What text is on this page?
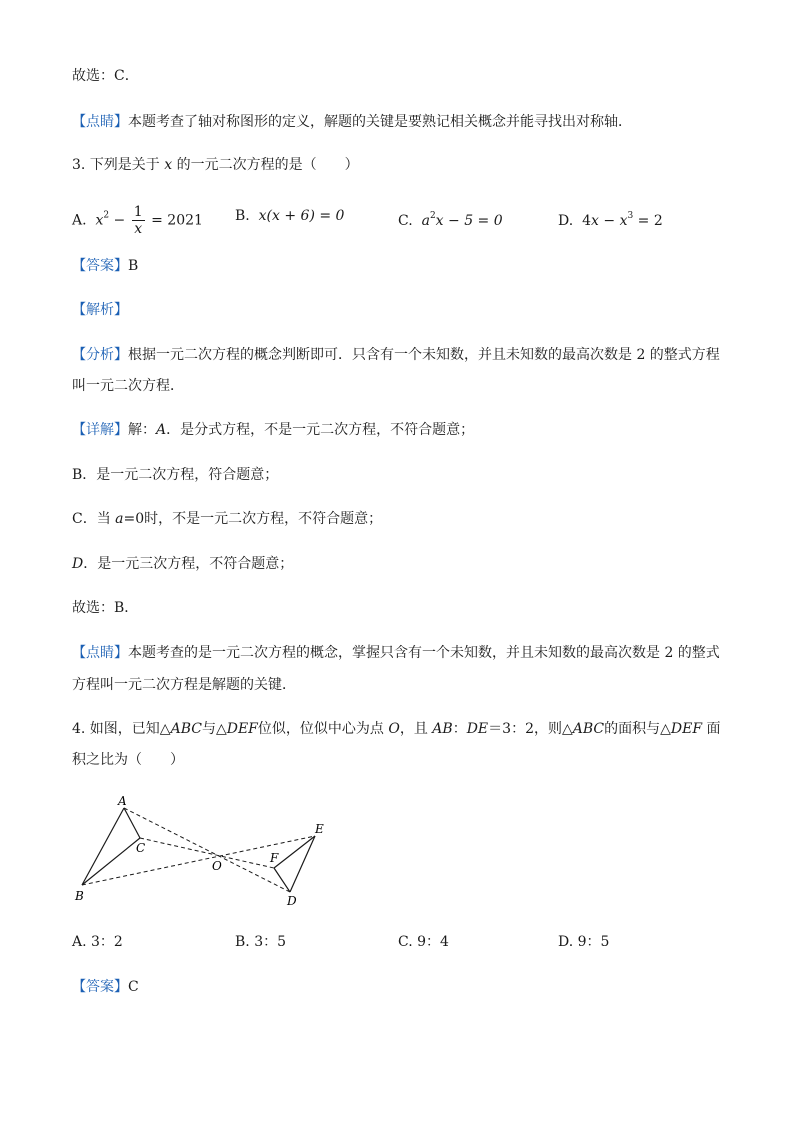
故选：C．
【点睛】本题考查了轴对称图形的定义，解题的关键是要熟记相关概念并能寻找出对称轴．
3. 下列是关于 x 的一元二次方程的是（　　）
A. $x^2 - \frac{1}{x} = 2021$ B. x(x + 6) = 0	C. $a^2x - 5 = 0$	D. $4x - x^3 = 2$
【答案】B
【解析】
【分析】根据一元二次方程的概念判断即可．只含有一个未知数，并且未知数的最高次数是 2 的整式方程
叫一元二次方程．
【详解】解：A．是分式方程，不是一元二次方程，不符合题意；
B．是一元二次方程，符合题意；
C．当 a=0时，不是一元二次方程，不符合题意；
D．是一元三次方程，不符合题意；
故选：B．
【点睛】本题考查的是一元二次方程的概念，掌握只含有一个未知数，并且未知数的最高次数是 2 的整式
方程叫一元二次方程是解题的关键．
4. 如图，已知△ABC与△DEF位似，位似中心为点 O，且 AB：DE＝3：2，则△ABC的面积与△DEF 面
积之比为（　　）
A
B
C
O
E
F
D
A. 3：2	B. 3：5	C. 9：4	D. 9：5
【答案】C
